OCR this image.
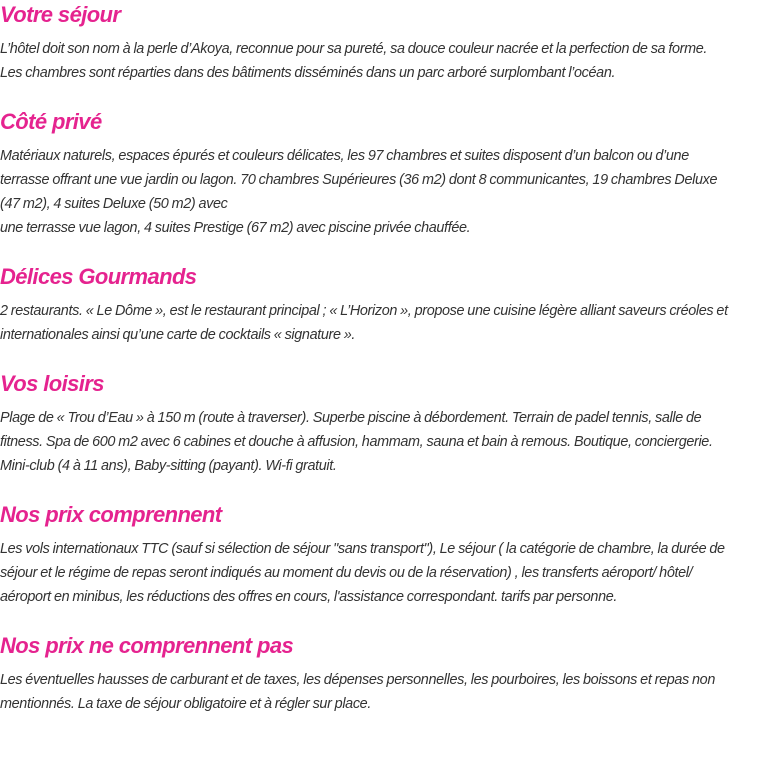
Votre séjour

L’hôtel doit son nom à la perle d’Akoya, reconnue pour sa pureté, sa douce couleur nacrée et la perfection de sa forme.
Les chambres sont réparties dans des bâtiments disséminés dans un parc arboré surplombant l’océan.

Côté privé

Matériaux naturels, espaces épurés et couleurs délicates, les 97 chambres et suites disposent d’un balcon ou d’une
terrasse offrant une vue jardin ou lagon. 70 chambres Supérieures (36 m2) dont 8 communicantes, 19 chambres Deluxe
(47 m2), 4 suites Deluxe (50 m2) avec
une terrasse vue lagon, 4 suites Prestige (67 m2) avec piscine privée chauffée.

Délices Gourmands

2 restaurants. « Le Dôme », est le restaurant principal ; « L’Horizon », propose une cuisine légère alliant saveurs créoles et
internationales ainsi qu’une carte de cocktails « signature ».

Vos loisirs

Plage de « Trou d’Eau » à 150 m (route à traverser). Superbe piscine à débordement. Terrain de padel tennis, salle de
fitness. Spa de 600 m2 avec 6 cabines et douche à affusion, hammam, sauna et bain à remous. Boutique, conciergerie.
Mini-club (4 à 11 ans), Baby-sitting (payant). Wi-fi gratuit.

Nos prix comprennent

Les vols internationaux TTC (sauf si sélection de séjour "sans transport"), Le séjour ( la catégorie de chambre, la durée de
séjour et le régime de repas seront indiqués au moment du devis ou de la réservation) , les transferts aéroport/ hôtel/
aéroport en minibus, les réductions des offres en cours, l'assistance correspondant. tarifs par personne.

Nos prix ne comprennent pas

Les éventuelles hausses de carburant et de taxes, les dépenses personnelles, les pourboires, les boissons et repas non
mentionnés. La taxe de séjour obligatoire et à régler sur place.
